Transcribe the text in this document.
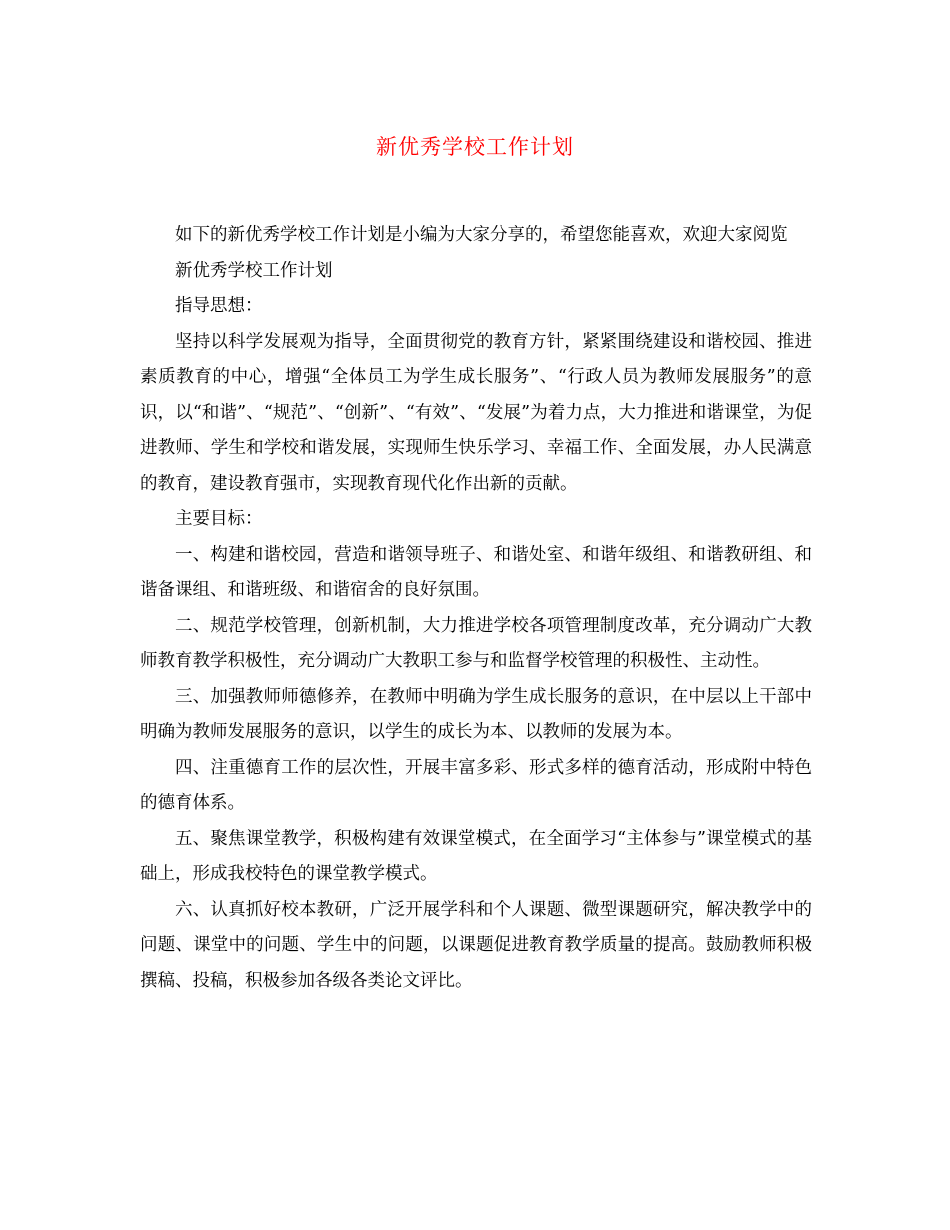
新优秀学校工作计划

如下的新优秀学校工作计划是小编为大家分享的，希望您能喜欢，欢迎大家阅览

新优秀学校工作计划

指导思想：

坚持以科学发展观为指导，全面贯彻党的教育方针，紧紧围绕建设和谐校园、推进素质教育的中心，增强“全体员工为学生成长服务”、“行政人员为教师发展服务”的意识，以“和谐”、“规范”、“创新”、“有效”、“发展”为着力点，大力推进和谐课堂，为促进教师、学生和学校和谐发展，实现师生快乐学习、幸福工作、全面发展，办人民满意的教育，建设教育强市，实现教育现代化作出新的贡献。

主要目标：

一、构建和谐校园，营造和谐领导班子、和谐处室、和谐年级组、和谐教研组、和谐备课组、和谐班级、和谐宿舍的良好氛围。

二、规范学校管理，创新机制，大力推进学校各项管理制度改革，充分调动广大教师教育教学积极性，充分调动广大教职工参与和监督学校管理的积极性、主动性。

三、加强教师师德修养，在教师中明确为学生成长服务的意识，在中层以上干部中明确为教师发展服务的意识，以学生的成长为本、以教师的发展为本。

四、注重德育工作的层次性，开展丰富多彩、形式多样的德育活动，形成附中特色的德育体系。

五、聚焦课堂教学，积极构建有效课堂模式，在全面学习“主体参与”课堂模式的基础上，形成我校特色的课堂教学模式。

六、认真抓好校本教研，广泛开展学科和个人课题、微型课题研究，解决教学中的问题、课堂中的问题、学生中的问题，以课题促进教育教学质量的提高。鼓励教师积极撰稿、投稿，积极参加各级各类论文评比。
